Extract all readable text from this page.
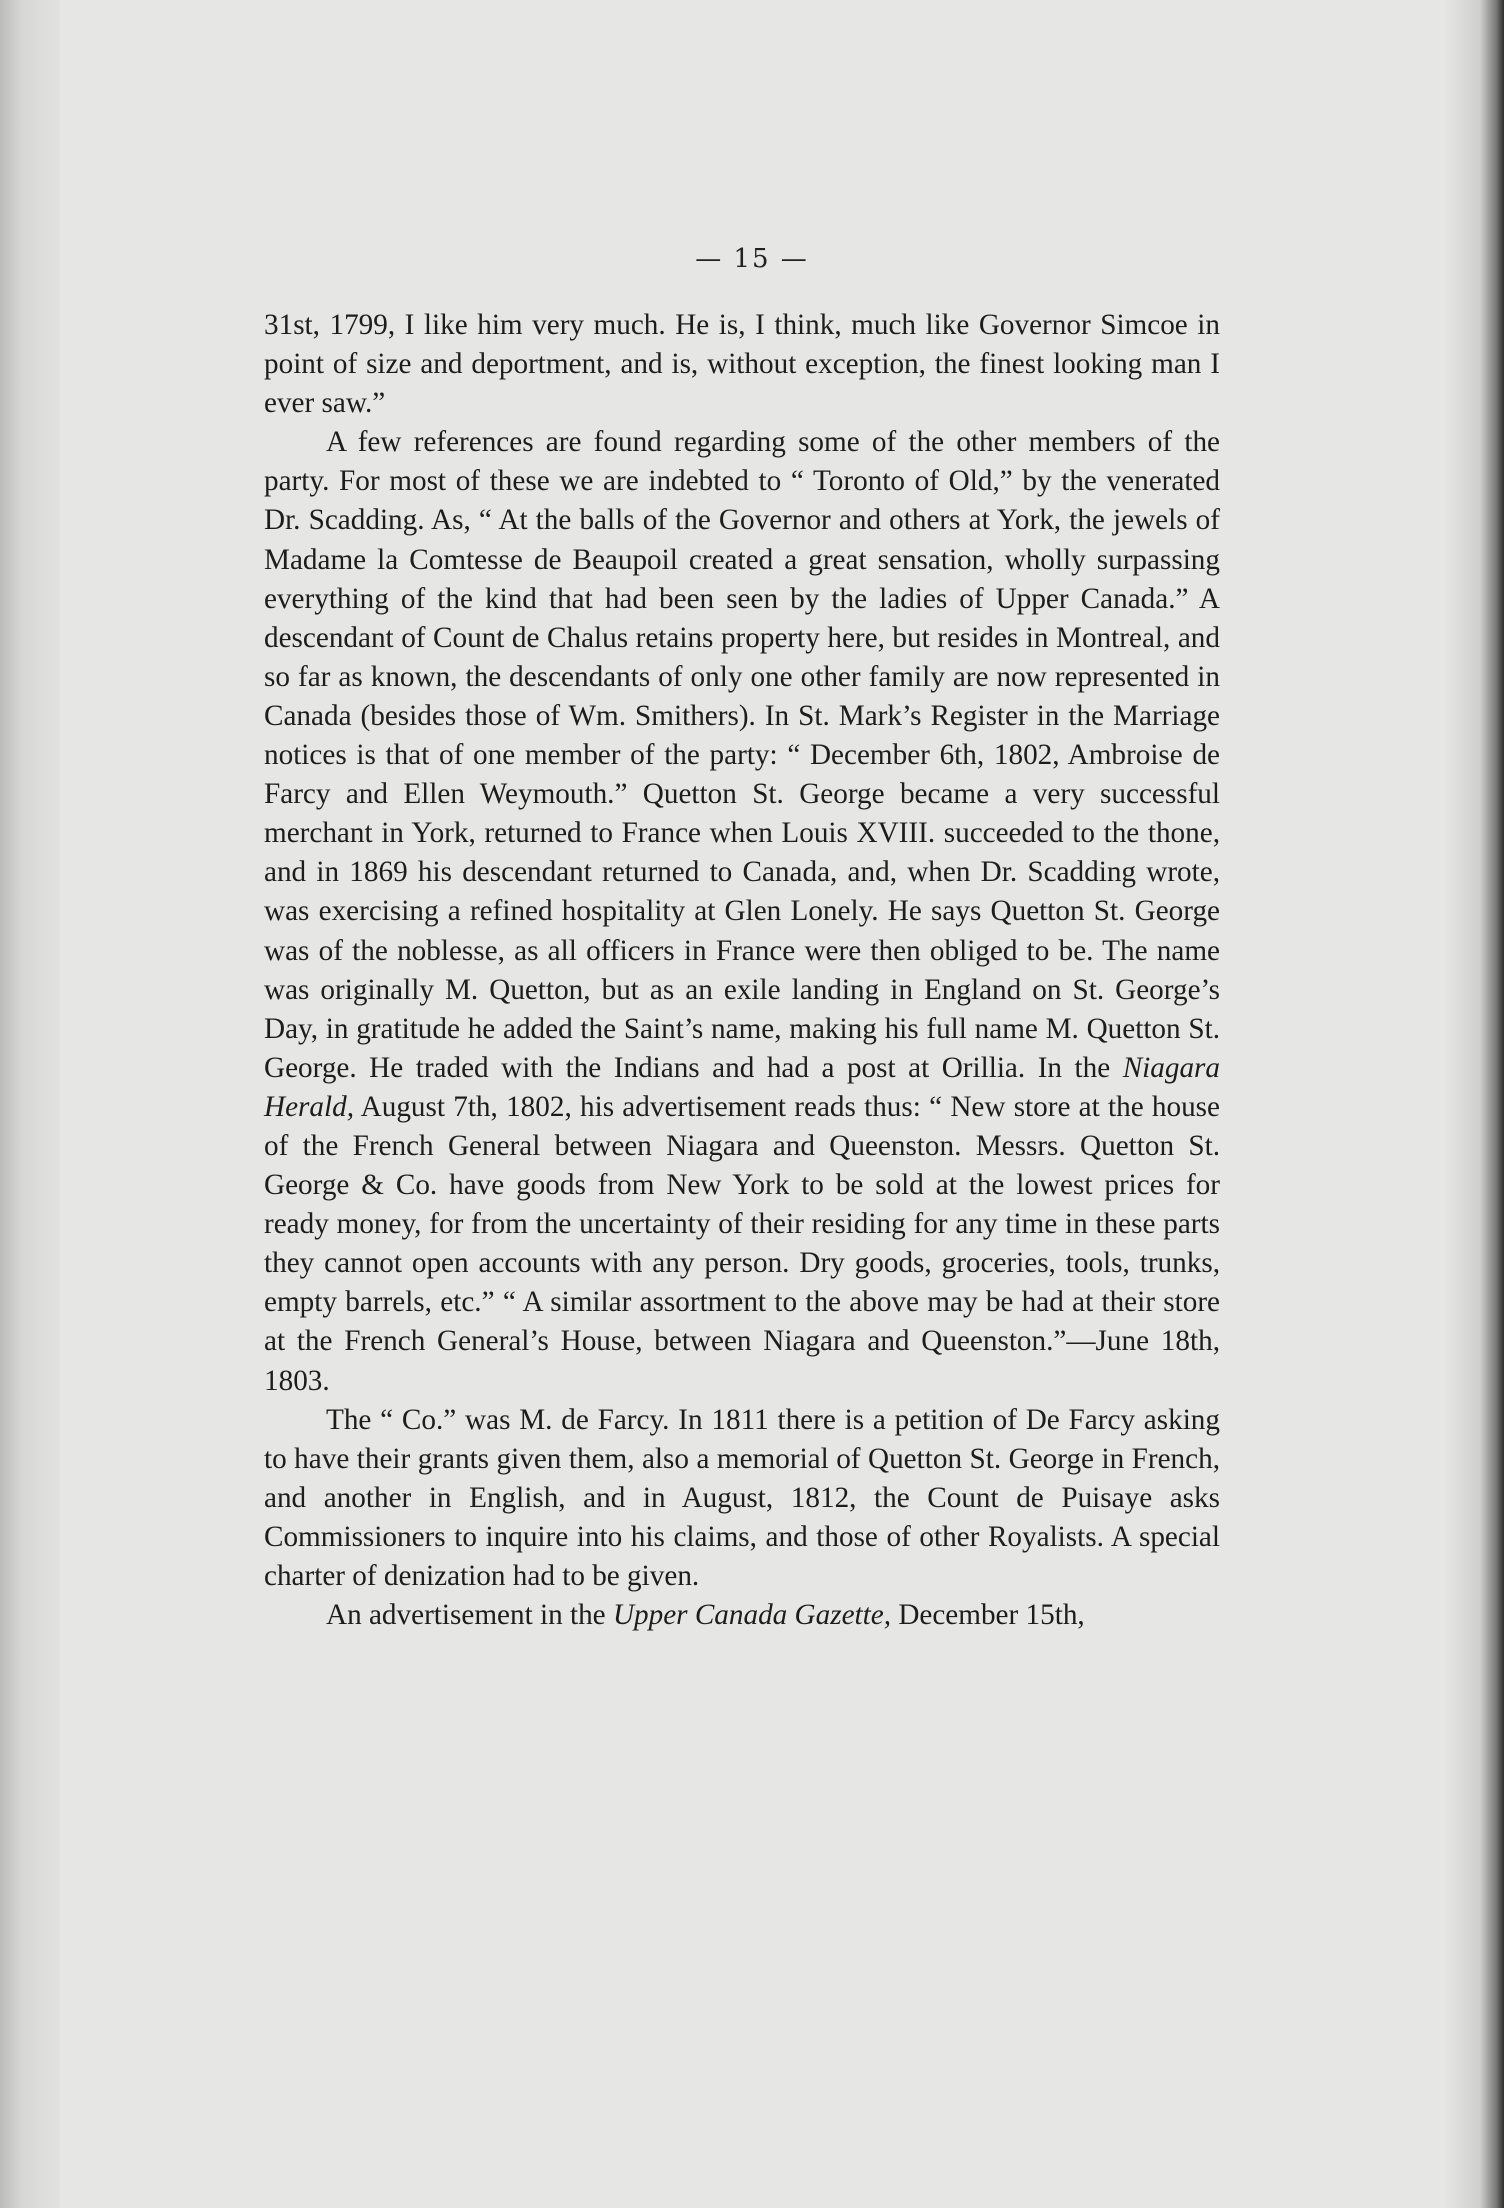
— 15 —

31st, 1799, I like him very much. He is, I think, much like Governor Simcoe in point of size and deportment, and is, without exception, the finest looking man I ever saw.”

A few references are found regarding some of the other members of the party. For most of these we are indebted to “ Toronto of Old,” by the venerated Dr. Scadding. As, “ At the balls of the Governor and others at York, the jewels of Madame la Comtesse de Beaupoil created a great sensation, wholly surpassing everything of the kind that had been seen by the ladies of Upper Canada.” A descendant of Count de Chalus retains property here, but resides in Montreal, and so far as known, the descendants of only one other family are now represented in Canada (besides those of Wm. Smithers). In St. Mark’s Register in the Marriage notices is that of one member of the party: “ December 6th, 1802, Ambroise de Farcy and Ellen Weymouth.” Quetton St. George became a very successful merchant in York, returned to France when Louis XVIII. succeeded to the thone, and in 1869 his descendant returned to Canada, and, when Dr. Scadding wrote, was exercising a refined hospitality at Glen Lonely. He says Quetton St. George was of the noblesse, as all officers in France were then obliged to be. The name was originally M. Quetton, but as an exile landing in England on St. George’s Day, in gratitude he added the Saint’s name, making his full name M. Quetton St. George. He traded with the Indians and had a post at Orillia. In the Niagara Herald, August 7th, 1802, his advertisement reads thus: “ New store at the house of the French General between Niagara and Queenston. Messrs. Quetton St. George & Co. have goods from New York to be sold at the lowest prices for ready money, for from the uncertainty of their residing for any time in these parts they cannot open accounts with any person. Dry goods, groceries, tools, trunks, empty barrels, etc.” “ A similar assortment to the above may be had at their store at the French General’s House, between Niagara and Queenston.”—June 18th, 1803.

The “ Co.” was M. de Farcy. In 1811 there is a petition of De Farcy asking to have their grants given them, also a memorial of Quetton St. George in French, and another in English, and in August, 1812, the Count de Puisaye asks Commissioners to inquire into his claims, and those of other Royalists. A special charter of denization had to be given.

An advertisement in the Upper Canada Gazette, December 15th,
